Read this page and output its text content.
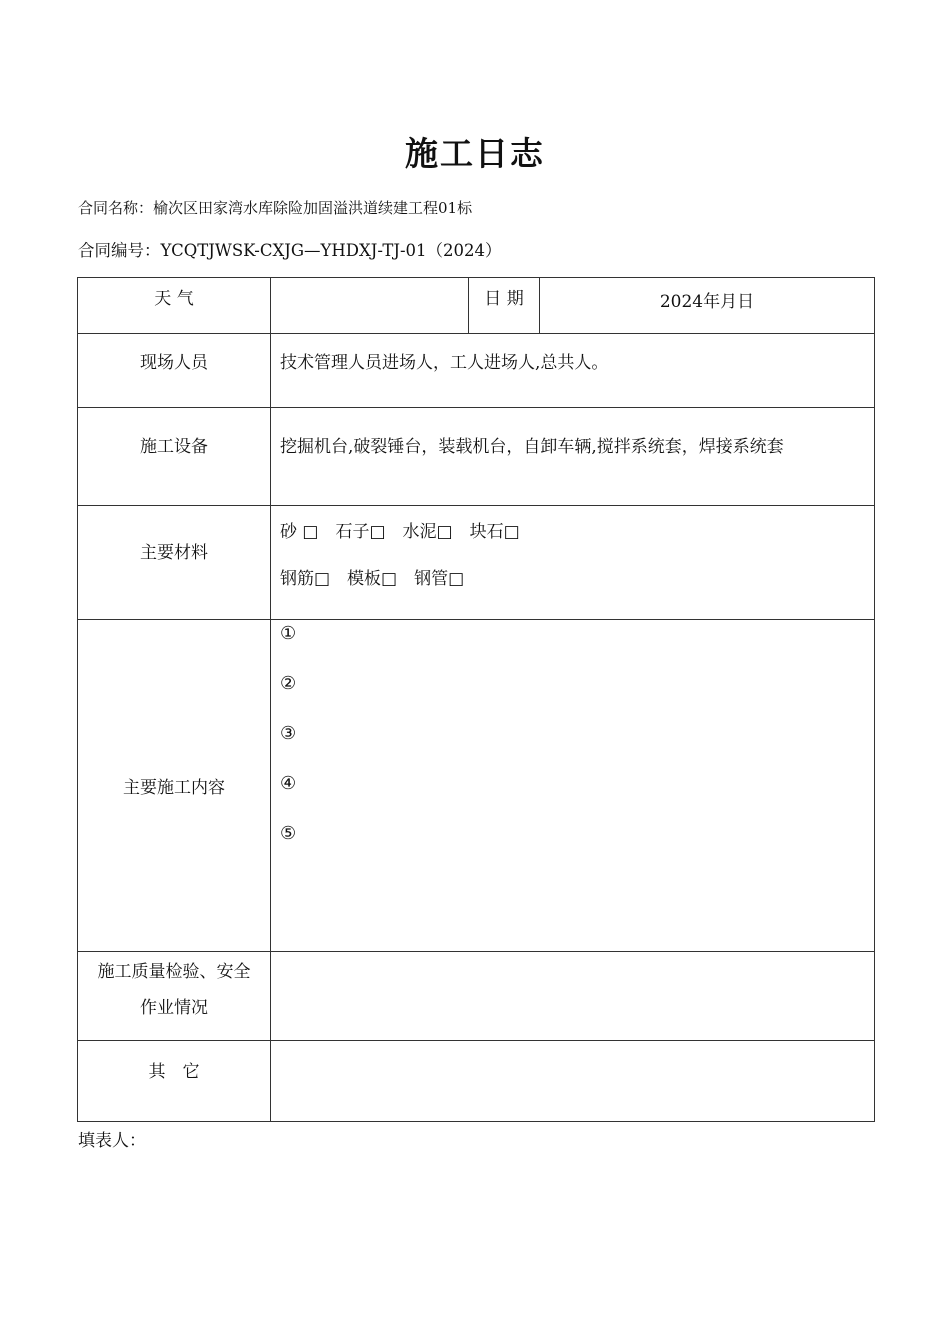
施工日志
合同名称：榆次区田家湾水库除险加固溢洪道续建工程01标
合同编号：YCQTJWSK-CXJG—YHDXJ-TJ-01（2024）
天 气		日 期	2024年月日

现场人员	技术管理人员进场人，工人进场人,总共人。		

施工设备	挖掘机台,破裂锤台，装载机台，自卸车辆,搅拌系统套，焊接系统套		

主要材料	砂 □　石子□　水泥□　块石□
钢筋□　模板□　钢管□		

主要施工内容	①
②
③
④
⑤		

施工质量检验、安全
作业情况			

其　它			

填表人：
